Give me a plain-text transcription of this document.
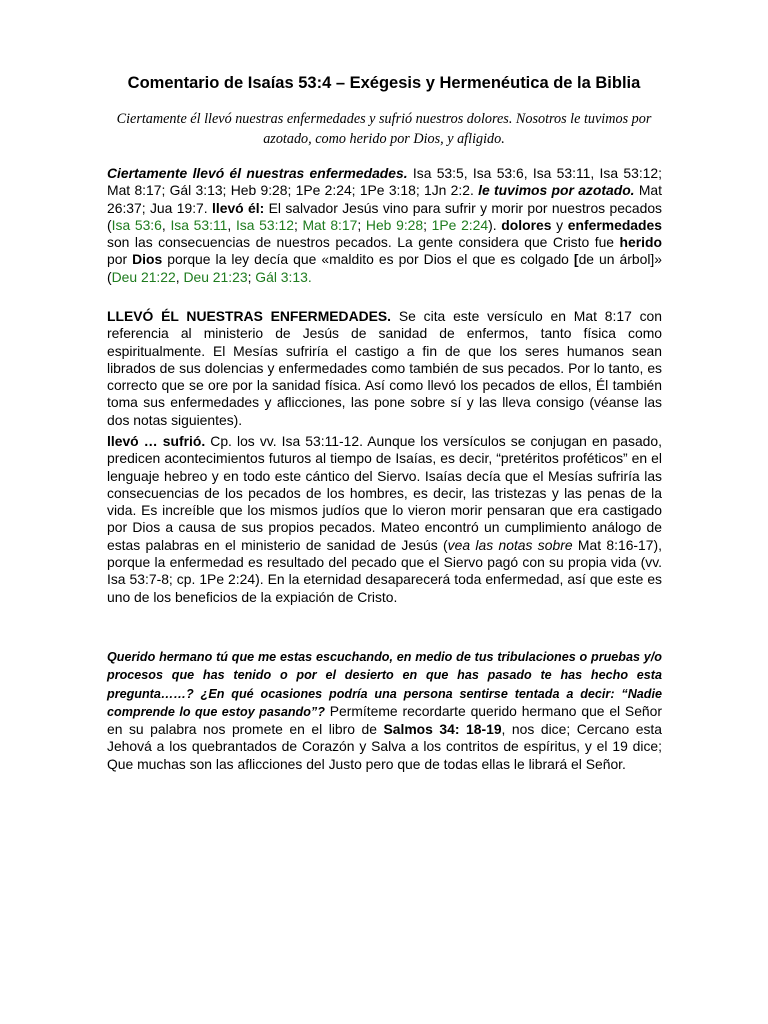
Comentario de Isaías 53:4 – Exégesis y Hermenéutica de la Biblia

Ciertamente él llevó nuestras enfermedades y sufrió nuestros dolores. Nosotros le tuvimos por azotado, como herido por Dios, y afligido.

Ciertamente llevó él nuestras enfermedades. Isa 53:5, Isa 53:6, Isa 53:11, Isa 53:12; Mat 8:17; Gál 3:13; Heb 9:28; 1Pe 2:24; 1Pe 3:18; 1Jn 2:2. le tuvimos por azotado. Mat 26:37; Jua 19:7. llevó él: El salvador Jesús vino para sufrir y morir por nuestros pecados (Isa 53:6, Isa 53:11, Isa 53:12; Mat 8:17; Heb 9:28; 1Pe 2:24). dolores y enfermedades son las consecuencias de nuestros pecados. La gente considera que Cristo fue herido por Dios porque la ley decía que «maldito es por Dios el que es colgado [de un árbol]» (Deu 21:22, Deu 21:23; Gál 3:13.

LLEVÓ ÉL NUESTRAS ENFERMEDADES. Se cita este versículo en Mat 8:17 con referencia al ministerio de Jesús de sanidad de enfermos, tanto física como espiritualmente. El Mesías sufriría el castigo a fin de que los seres humanos sean librados de sus dolencias y enfermedades como también de sus pecados. Por lo tanto, es correcto que se ore por la sanidad física. Así como llevó los pecados de ellos, Él también toma sus enfermedades y aflicciones, las pone sobre sí y las lleva consigo (véanse las dos notas siguientes).

llevó … sufrió. Cp. los vv. Isa 53:11-12. Aunque los versículos se conjugan en pasado, predicen acontecimientos futuros al tiempo de Isaías, es decir, “pretéritos proféticos” en el lenguaje hebreo y en todo este cántico del Siervo. Isaías decía que el Mesías sufriría las consecuencias de los pecados de los hombres, es decir, las tristezas y las penas de la vida. Es increíble que los mismos judíos que lo vieron morir pensaran que era castigado por Dios a causa de sus propios pecados. Mateo encontró un cumplimiento análogo de estas palabras en el ministerio de sanidad de Jesús (vea las notas sobre Mat 8:16-17), porque la enfermedad es resultado del pecado que el Siervo pagó con su propia vida (vv. Isa 53:7-8; cp. 1Pe 2:24). En la eternidad desaparecerá toda enfermedad, así que este es uno de los beneficios de la expiación de Cristo.

Querido hermano tú que me estas escuchando, en medio de tus tribulaciones o pruebas y/o procesos que has tenido o por el desierto en que has pasado te has hecho esta pregunta……? ¿En qué ocasiones podría una persona sentirse tentada a decir: “Nadie comprende lo que estoy pasando”? Permíteme recordarte querido hermano que el Señor en su palabra nos promete en el libro de Salmos 34: 18-19, nos dice; Cercano esta Jehová a los quebrantados de Corazón y Salva a los contritos de espíritus, y el 19 dice; Que muchas son las aflicciones del Justo pero que de todas ellas le librará el Señor.
